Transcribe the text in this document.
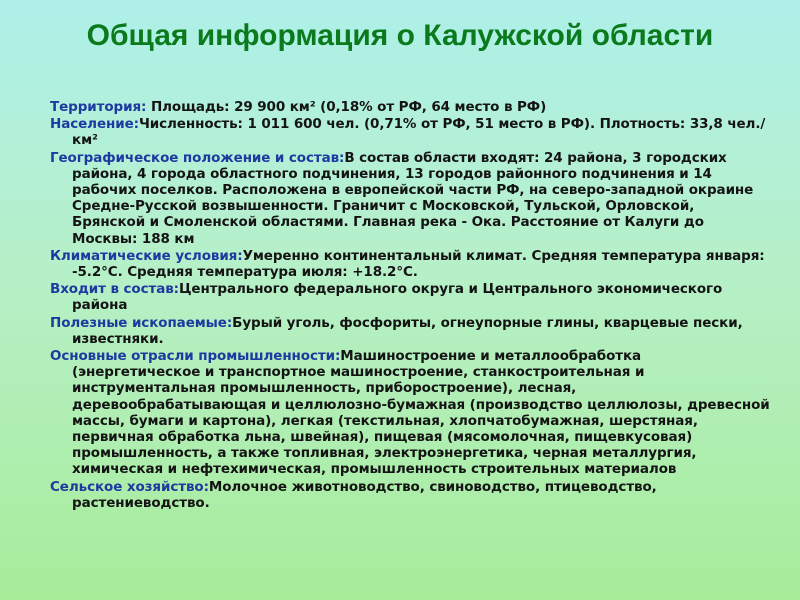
Общая информация о Калужской области
Территория: Площадь: 29 900 км² (0,18% от РФ, 64 место в РФ)
Население:Численность: 1 011 600 чел. (0,71% от РФ, 51 место в РФ). Плотность: 33,8 чел./км²
Географическое положение и состав:В состав области входят: 24 района, 3 городских района, 4 города областного подчинения, 13 городов районного подчинения и 14 рабочих поселков. Расположена в европейской части РФ, на северо-западной окраине Средне-Русской возвышенности. Граничит с Московской, Тульской, Орловской, Брянской и Смоленской областями. Главная река - Ока. Расстояние от Калуги до Москвы: 188 км
Климатические условия:Умеренно континентальный климат. Средняя температура января: -5.2°C. Средняя температура июля: +18.2°C.
Входит в состав:Центрального федерального округа и Центрального экономического района
Полезные ископаемые:Бурый уголь, фосфориты, огнеупорные глины, кварцевые пески, известняки.
Основные отрасли промышленности:Машиностроение и металлообработка (энергетическое и транспортное машиностроение, станкостроительная и инструментальная промышленность, приборостроение), лесная, деревообрабатывающая и целлюлозно-бумажная (производство целлюлозы, древесной массы, бумаги и картона), легкая (текстильная, хлопчатобумажная, шерстяная, первичная обработка льна, швейная), пищевая (мясомолочная, пищевкусовая) промышленность, а также топливная, электроэнергетика, черная металлургия, химическая и нефтехимическая, промышленность строительных материалов
Сельское хозяйство:Молочное животноводство, свиноводство, птицеводство, растениеводство.
